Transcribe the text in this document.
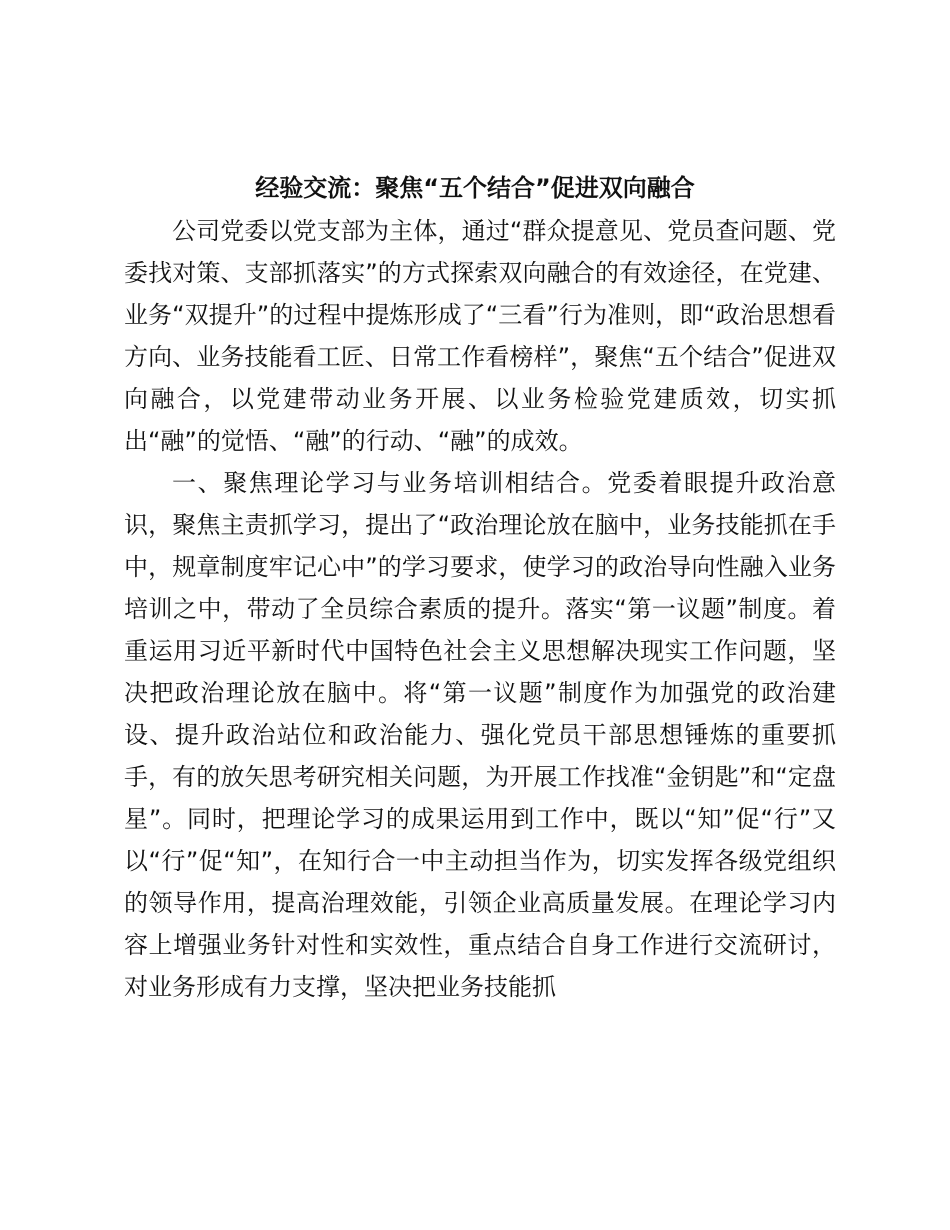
经验交流：聚焦“五个结合”促进双向融合

公司党委以党支部为主体，通过“群众提意见、党员查问题、党委找对策、支部抓落实”的方式探索双向融合的有效途径，在党建、业务“双提升”的过程中提炼形成了“三看”行为准则，即“政治思想看方向、业务技能看工匠、日常工作看榜样”，聚焦“五个结合”促进双向融合，以党建带动业务开展、以业务检验党建质效，切实抓出“融”的觉悟、“融”的行动、“融”的成效。

一、聚焦理论学习与业务培训相结合。党委着眼提升政治意识，聚焦主责抓学习，提出了“政治理论放在脑中，业务技能抓在手中，规章制度牢记心中”的学习要求，使学习的政治导向性融入业务培训之中，带动了全员综合素质的提升。落实“第一议题”制度。着重运用习近平新时代中国特色社会主义思想解决现实工作问题，坚决把政治理论放在脑中。将“第一议题”制度作为加强党的政治建设、提升政治站位和政治能力、强化党员干部思想锤炼的重要抓手，有的放矢思考研究相关问题，为开展工作找准“金钥匙”和“定盘星”。同时，把理论学习的成果运用到工作中，既以“知”促“行”又以“行”促“知”，在知行合一中主动担当作为，切实发挥各级党组织的领导作用，提高治理效能，引领企业高质量发展。在理论学习内容上增强业务针对性和实效性，重点结合自身工作进行交流研讨，对业务形成有力支撑，坚决把业务技能抓
